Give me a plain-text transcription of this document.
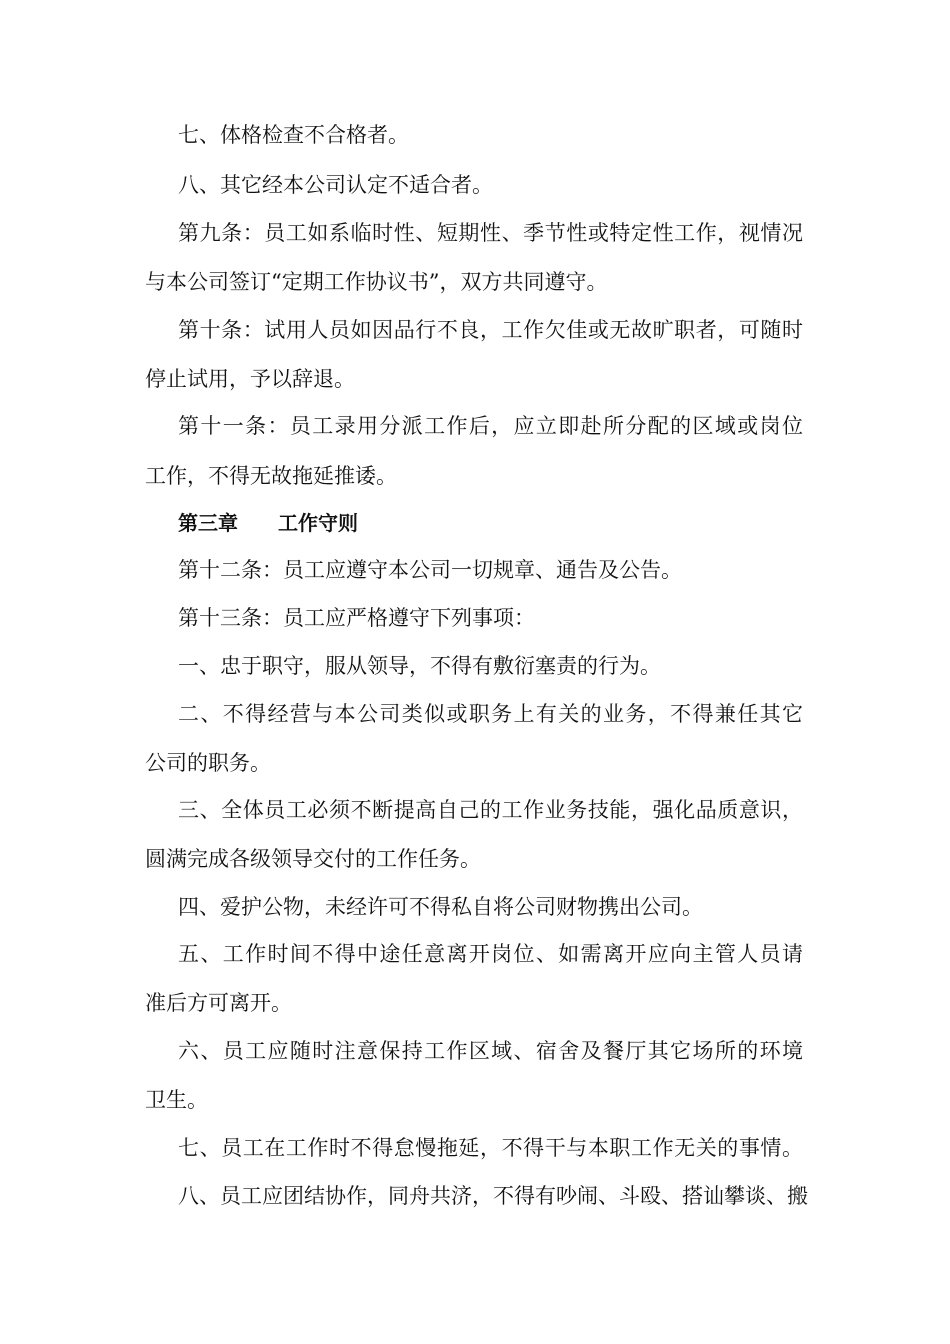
七、体格检查不合格者。
八、其它经本公司认定不适合者。
第九条：员工如系临时性、短期性、季节性或特定性工作，视情况
与本公司签订“定期工作协议书”，双方共同遵守。
第十条：试用人员如因品行不良，工作欠佳或无故旷职者，可随时
停止试用，予以辞退。
第十一条：员工录用分派工作后，应立即赴所分配的区域或岗位
工作，不得无故拖延推诿。
第三章 工作守则
第十二条：员工应遵守本公司一切规章、通告及公告。
第十三条：员工应严格遵守下列事项：
一、忠于职守，服从领导，不得有敷衍塞责的行为。
二、不得经营与本公司类似或职务上有关的业务，不得兼任其它
公司的职务。
三、全体员工必须不断提高自己的工作业务技能，强化品质意识，
圆满完成各级领导交付的工作任务。
四、爱护公物，未经许可不得私自将公司财物携出公司。
五、工作时间不得中途任意离开岗位、如需离开应向主管人员请
准后方可离开。
六、员工应随时注意保持工作区域、宿舍及餐厅其它场所的环境
卫生。
七、员工在工作时不得怠慢拖延，不得干与本职工作无关的事情。
八、员工应团结协作，同舟共济，不得有吵闹、斗殴、搭讪攀谈、搬
